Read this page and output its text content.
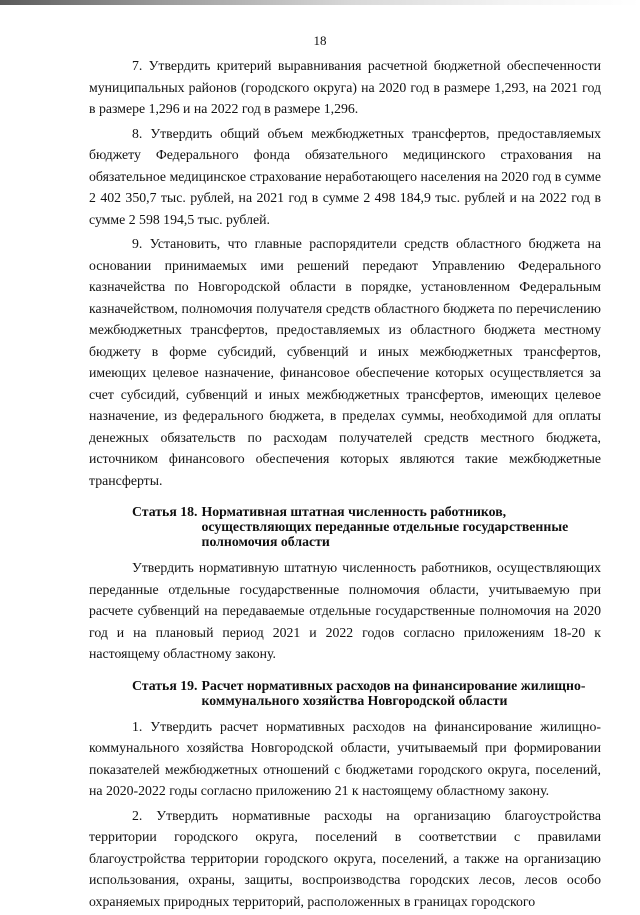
18

7. Утвердить критерий выравнивания расчетной бюджетной обеспеченности муниципальных районов (городского округа) на 2020 год в размере 1,293, на 2021 год в размере 1,296 и на 2022 год в размере 1,296.

8. Утвердить общий объем межбюджетных трансфертов, предоставляемых бюджету Федерального фонда обязательного медицинского страхования на обязательное медицинское страхование неработающего населения на 2020 год в сумме 2 402 350,7 тыс. рублей, на 2021 год в сумме 2 498 184,9 тыс. рублей и на 2022 год в сумме 2 598 194,5 тыс. рублей.

9. Установить, что главные распорядители средств областного бюджета на основании принимаемых ими решений передают Управлению Федерального казначейства по Новгородской области в порядке, установленном Федеральным казначейством, полномочия получателя средств областного бюджета по перечислению межбюджетных трансфертов, предоставляемых из областного бюджета местному бюджету в форме субсидий, субвенций и иных межбюджетных трансфертов, имеющих целевое назначение, финансовое обеспечение которых осуществляется за счет субсидий, субвенций и иных межбюджетных трансфертов, имеющих целевое назначение, из федерального бюджета, в пределах суммы, необходимой для оплаты денежных обязательств по расходам получателей средств местного бюджета, источником финансового обеспечения которых являются такие межбюджетные трансферты.

Статья 18. Нормативная штатная численность работников, осуществляющих переданные отдельные государственные полномочия области

Утвердить нормативную штатную численность работников, осуществляющих переданные отдельные государственные полномочия области, учитываемую при расчете субвенций на передаваемые отдельные государственные полномочия на 2020 год и на плановый период 2021 и 2022 годов согласно приложениям 18-20 к настоящему областному закону.

Статья 19. Расчет нормативных расходов на финансирование жилищно-коммунального хозяйства Новгородской области

1. Утвердить расчет нормативных расходов на финансирование жилищно-коммунального хозяйства Новгородской области, учитываемый при формировании показателей межбюджетных отношений с бюджетами городского округа, поселений, на 2020-2022 годы согласно приложению 21 к настоящему областному закону.

2. Утвердить нормативные расходы на организацию благоустройства территории городского округа, поселений в соответствии с правилами благоустройства территории городского округа, поселений, а также на организацию использования, охраны, защиты, воспроизводства городских лесов, лесов особо охраняемых природных территорий, расположенных в границах городского
